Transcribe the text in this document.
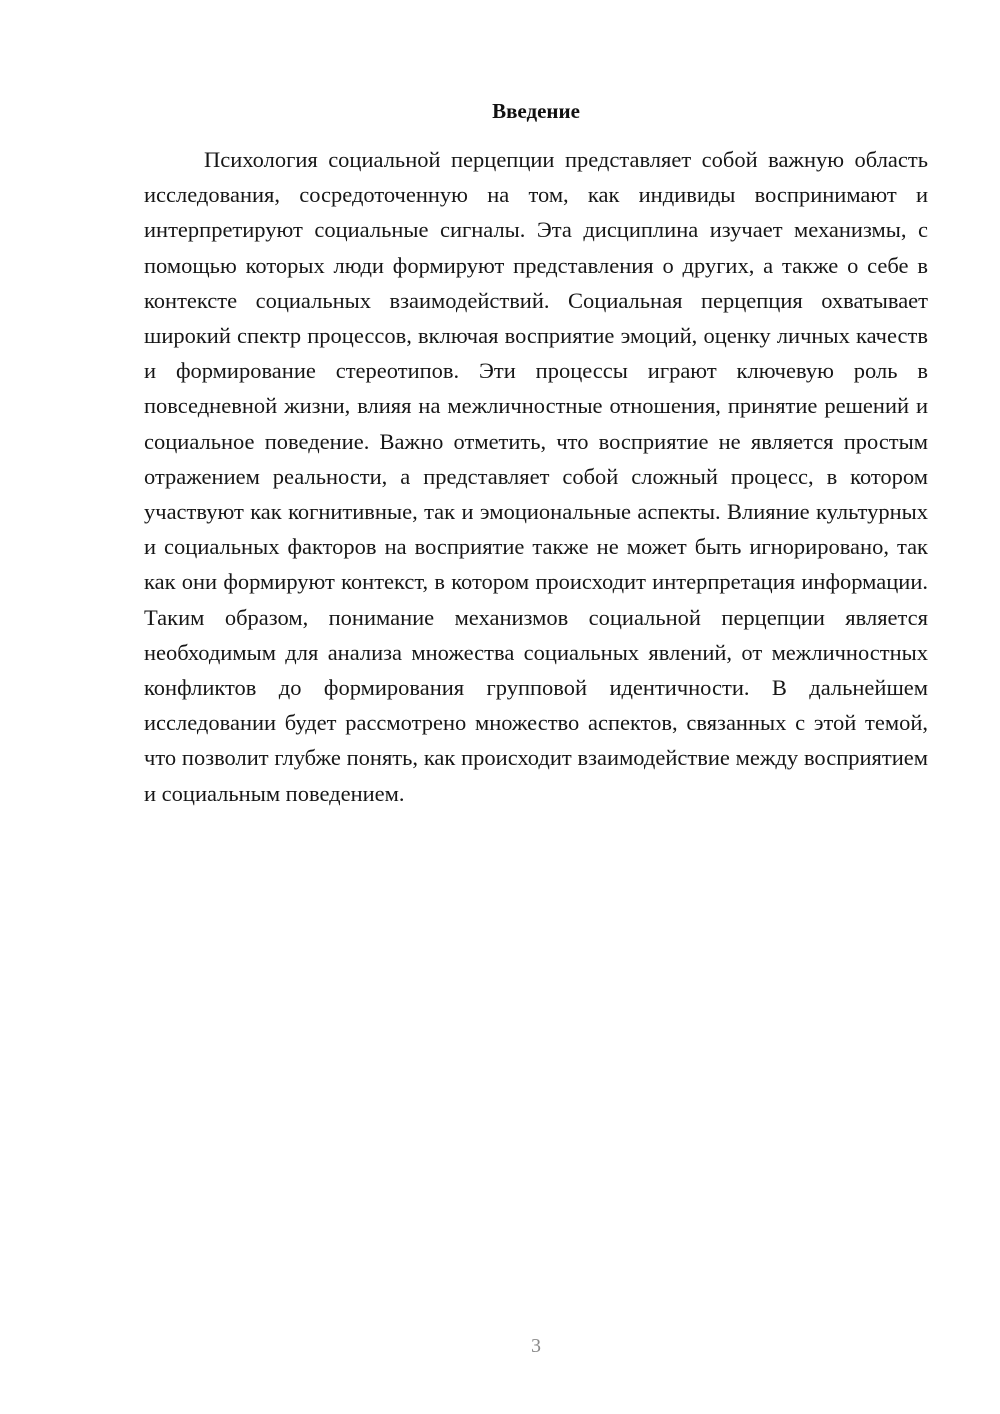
Введение

Психология социальной перцепции представляет собой важную область исследования, сосредоточенную на том, как индивиды воспринимают и интерпретируют социальные сигналы. Эта дисциплина изучает механизмы, с помощью которых люди формируют представления о других, а также о себе в контексте социальных взаимодействий. Социальная перцепция охватывает широкий спектр процессов, включая восприятие эмоций, оценку личных качеств и формирование стереотипов. Эти процессы играют ключевую роль в повседневной жизни, влияя на межличностные отношения, принятие решений и социальное поведение. Важно отметить, что восприятие не является простым отражением реальности, а представляет собой сложный процесс, в котором участвуют как когнитивные, так и эмоциональные аспекты. Влияние культурных и социальных факторов на восприятие также не может быть игнорировано, так как они формируют контекст, в котором происходит интерпретация информации. Таким образом, понимание механизмов социальной перцепции является необходимым для анализа множества социальных явлений, от межличностных конфликтов до формирования групповой идентичности. В дальнейшем исследовании будет рассмотрено множество аспектов, связанных с этой темой, что позволит глубже понять, как происходит взаимодействие между восприятием и социальным поведением.

3
